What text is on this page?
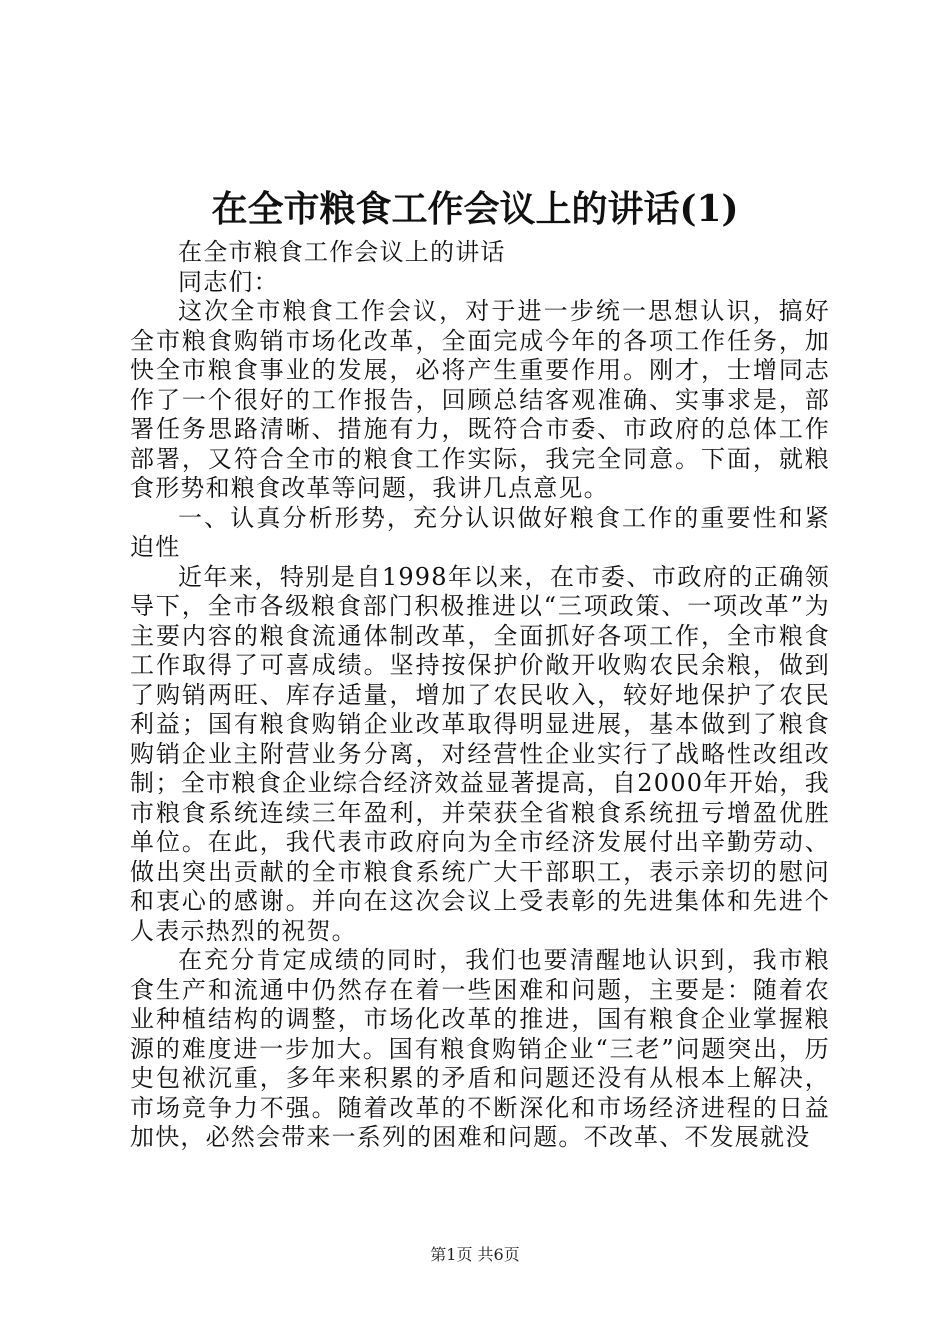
在全市粮食工作会议上的讲话(1)

在全市粮食工作会议上的讲话

同志们：

这次全市粮食工作会议，对于进一步统一思想认识，搞好全市粮食购销市场化改革，全面完成今年的各项工作任务，加快全市粮食事业的发展，必将产生重要作用。刚才，士增同志作了一个很好的工作报告，回顾总结客观准确、实事求是，部署任务思路清晰、措施有力，既符合市委、市政府的总体工作部署，又符合全市的粮食工作实际，我完全同意。下面，就粮食形势和粮食改革等问题，我讲几点意见。

一、认真分析形势，充分认识做好粮食工作的重要性和紧迫性

近年来，特别是自1998年以来，在市委、市政府的正确领导下，全市各级粮食部门积极推进以“三项政策、一项改革”为主要内容的粮食流通体制改革，全面抓好各项工作，全市粮食工作取得了可喜成绩。坚持按保护价敞开收购农民余粮，做到了购销两旺、库存适量，增加了农民收入，较好地保护了农民利益；国有粮食购销企业改革取得明显进展，基本做到了粮食购销企业主附营业务分离，对经营性企业实行了战略性改组改制；全市粮食企业综合经济效益显著提高，自2000年开始，我市粮食系统连续三年盈利，并荣获全省粮食系统扭亏增盈优胜单位。在此，我代表市政府向为全市经济发展付出辛勤劳动、做出突出贡献的全市粮食系统广大干部职工，表示亲切的慰问和衷心的感谢。并向在这次会议上受表彰的先进集体和先进个人表示热烈的祝贺。

在充分肯定成绩的同时，我们也要清醒地认识到，我市粮食生产和流通中仍然存在着一些困难和问题，主要是：随着农业种植结构的调整，市场化改革的推进，国有粮食企业掌握粮源的难度进一步加大。国有粮食购销企业“三老”问题突出，历史包袱沉重，多年来积累的矛盾和问题还没有从根本上解决，市场竞争力不强。随着改革的不断深化和市场经济进程的日益加快，必然会带来一系列的困难和问题。不改革、不发展就没

第1页 共6页
